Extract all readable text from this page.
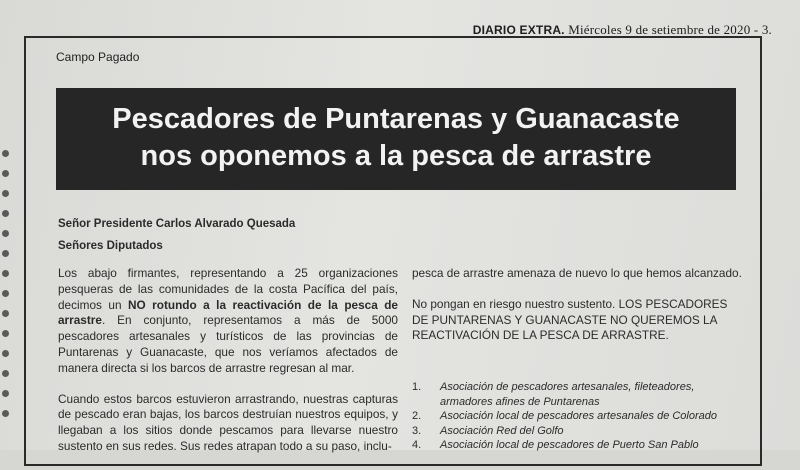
DIARIO EXTRA. Miércoles 9 de setiembre de 2020 - 3.
Campo Pagado
Pescadores de Puntarenas y Guanacaste
nos oponemos a la pesca de arrastre
Señor Presidente Carlos Alvarado Quesada
Señores Diputados

Los abajo firmantes, representando a 25 organizaciones pesqueras de las comunidades de la costa Pacífica del país, decimos un NO rotundo a la reactivación de la pesca de arrastre. En conjunto, representamos a más de 5000 pescadores artesanales y turísticos de las provincias de Puntarenas y Guanacaste, que nos veríamos afectados de manera directa si los barcos de arrastre regresan al mar.

Cuando estos barcos estuvieron arrastrando, nuestras capturas de pescado eran bajas, los barcos destruían nuestros equipos, y llegaban a los sitios donde pescamos para llevarse nuestro sustento en sus redes. Sus redes atrapan todo a su paso, inclu-

pesca de arrastre amenaza de nuevo lo que hemos alcanzado.

No pongan en riesgo nuestro sustento. LOS PESCADORES DE PUNTARENAS Y GUANACASTE NO QUEREMOS LA REACTIVACIÓN DE LA PESCA DE ARRASTRE.

1.	Asociación de pescadores artesanales, fileteadores, armadores afines de Puntarenas
2.	Asociación local de pescadores artesanales de Colorado
3.	Asociación Red del Golfo
4.	Asociación local de pescadores de Puerto San Pablo
